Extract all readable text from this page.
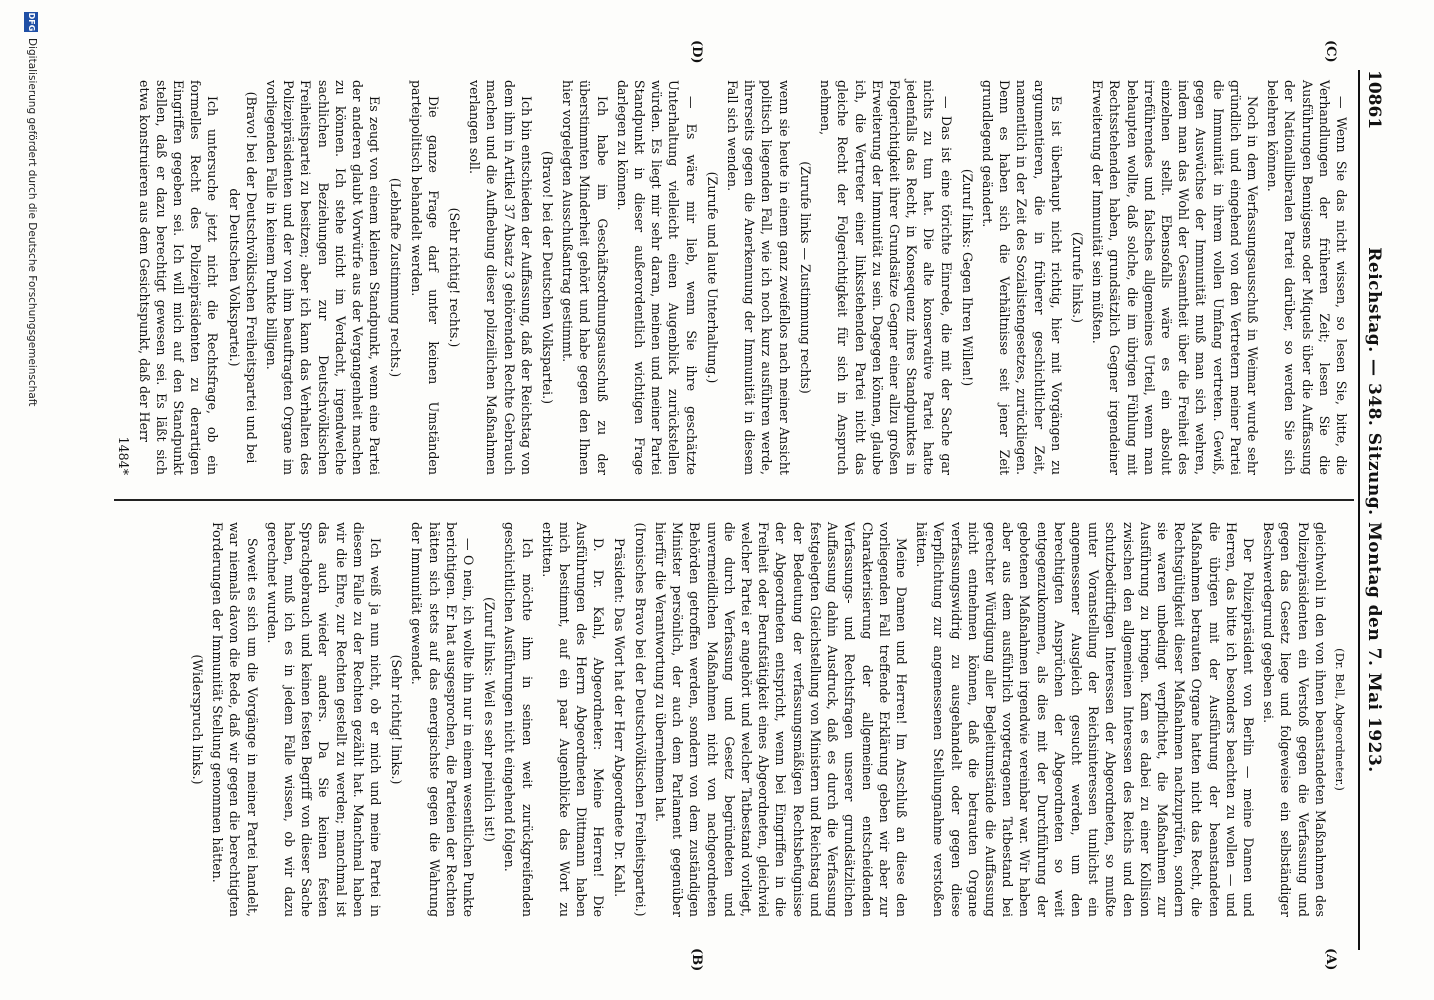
10861
Reichstag. — 348. Sitzung. Montag den 7. Mai 1923.
(C)
(D)
(A)
(B)

— Wenn Sie das nicht wissen, so lesen Sie, bitte, die Verhandlungen der früheren Zeit; lesen Sie die Ausführungen Bennigsens oder Miquels über die Auffassung der Nationalliberalen Partei darüber, so werden Sie sich belehren können.

Noch in dem Verfassungsausschuß in Weimar wurde sehr gründlich und eingehend von den Vertretern meiner Partei die Immunität in ihrem vollen Umfang vertreten. Gewiß, gegen Auswüchse der Immunität muß man sich wehren, indem man das Wohl der Gesamtheit über die Freiheit des einzelnen stellt. Ebensofalls wäre es ein absolut irreführendes und falsches allgemeines Urteil, wenn man behaupten wollte, daß solche, die im übrigen Fühlung mit Rechtsstehenden haben, grundsätzlich Gegner irgendeiner Erweiterung der Immunität sein müßten.

(Zurufe links.)

Es ist überhaupt nicht richtig, hier mit Vorgängen zu argumentieren, die in früherer geschichtlicher Zeit, namentlich in der Zeit des Sozialistengesetzes, zurückliegen. Denn es haben sich die Verhältnisse seit jener Zeit grundlegend geändert.

(Zuruf links: Gegen Ihren Willen!)

— Das ist eine törichte Einrede, die mit der Sache gar nichts zu tun hat. Die alte konservative Partei hatte jedenfalls das Recht, in Konsequenz ihres Standpunktes in Folgerichtigkeit ihrer Grundsätze Gegner einer allzu großen Erweiterung der Immunität zu sein. Dagegen können, glaube ich, die Vertreter einer linksstehenden Partei nicht das gleiche Recht der Folgerichtigkeit für sich in Anspruch nehmen,

(Zurufe links — Zustimmung rechts)

wenn sie heute in einem ganz zweifellos nach meiner Ansicht politisch liegenden Fall, wie ich noch kurz ausführen werde, ihrerseits gegen die Anerkennung der Immunität in diesem Fall sich wenden.

(Zurufe und laute Unterhaltung.)

— Es wäre mir lieb, wenn Sie ihre geschätzte Unterhaltung vielleicht einen Augenblick zurückstellen würden. Es liegt mir sehr daran, meinen und meiner Partei Standpunkt in dieser außerordentlich wichtigen Frage darlegen zu können.

Ich habe im Geschäftsordnungsausschuß zu der überstimmten Minderheit gehört und habe gegen den Ihnen hier vorgelegten Ausschußantrag gestimmt.

(Bravo! bei der Deutschen Volkspartei.)

Ich bin entschieden der Auffassung, daß der Reichstag von dem ihm in Artikel 37 Absatz 3 gehörenden Rechte Gebrauch machen und die Aufhebung dieser polizeilichen Maßnahmen verlangen soll.

(Sehr richtig! rechts.)

Die ganze Frage darf unter keinen Umständen parteipolitisch behandelt werden.

(Lebhafte Zustimmung rechts.)

Es zeugt von einem kleinen Standpunkt, wenn eine Partei der anderen glaubt Vorwürfe aus der Vergangenheit machen zu können. Ich stehe nicht im Verdacht, irgendwelche sachlichen Beziehungen zur Deutschvölkischen Freiheitspartei zu besitzen; aber ich kann das Verhalten des Polizeipräsidenten und der von ihm beauftragten Organe im vorliegenden Falle in keinem Punkte billigen.

(Bravo! bei der Deutschvölkischen Freiheitspartei und bei der Deutschen Volkspartei.)

Ich untersuche jetzt nicht die Rechtsfrage, ob ein formelles Recht des Polizeipräsidenten zu derartigen Eingriffen gegeben sei. Ich will mich auf den Standpunkt stellen, daß er dazu berechtigt gewesen sei. Es läßt sich etwa konstruieren aus dem Gesichtspunkt, daß der Herr

1484*

(Dr. Bell, Abgeordneter.)

gleichwohl in den von ihnen beanstandeten Maßnahmen des Polizeipräsidenten ein Verstoß gegen die Verfassung und gegen das Gesetz liege und folgeweise ein selbständiger Beschwerdegrund gegeben sei.

Der Polizeipräsident von Berlin — meine Damen und Herren, das bitte ich besonders beachten zu wollen — und die übrigen mit der Ausführung der beanstandeten Maßnahmen betrauten Organe hatten nicht das Recht, die Rechtsgültigkeit dieser Maßnahmen nachzuprüfen, sondern sie waren unbedingt verpflichtet, die Maßnahmen zur Ausführung zu bringen. Kam es dabei zu einer Kollision zwischen den allgemeinen Interessen des Reichs und den schutzbedürftigen Interessen der Abgeordneten, so mußte unter Voranstellung der Reichsinteressen tunlichst ein angemessener Ausgleich gesucht werden, um den berechtigten Ansprüchen der Abgeordneten so weit entgegenzukommen, als dies mit der Durchführung der gebotenen Maßnahmen irgendwie vereinbar war. Wir haben aber aus dem ausführlich vorgetragenen Tatbestand bei gerechter Würdigung aller Begleitumstände die Auffassung nicht entnehmen können, daß die betrauten Organe verfassungswidrig zu ausgehandelt oder gegen diese Verpflichtung zur angemessenen Stellungnahme verstoßen hätten.

Meine Damen und Herren! Im Anschluß an diese den vorliegenden Fall treffende Erklärung geben wir aber zur Charakterisierung der allgemeinen entscheidenden Verfassungs- und Rechtsfragen unserer grundsätzlichen Auffassung dahin Ausdruck, daß es durch die Verfassung festgelegten Gleichstellung von Ministern und Reichstag und der Bedeutung der verfassungsmäßigen Rechtsbefugnisse der Abgeordneten entspricht, wenn bei Eingriffen in die Freiheit oder Berufstätigkeit eines Abgeordneten, gleichviel welcher Partei er angehört und welcher Tatbestand vorliegt, die durch Verfassung und Gesetz begründeten und unvermeidlichen Maßnahmen nicht von nachgeordneten Behörden getroffen werden, sondern von dem zuständigen Minister persönlich, der auch dem Parlament gegenüber hierfür die Verantwortung zu übernehmen hat.

(Ironisches Bravo bei der Deutschvölkischen Freiheitspartei.)

Präsident: Das Wort hat der Herr Abgeordnete Dr. Kahl.

D. Dr. Kahl, Abgeordneter: Meine Herren! Die Ausführungen des Herrn Abgeordneten Dittmann haben mich bestimmt, auf ein paar Augenblicke das Wort zu erbitten.

Ich möchte ihm in seinen weit zurückgreifenden geschichtlichen Ausführungen nicht eingehend folgen.

(Zuruf links: Weil es sehr peinlich ist!)

— O nein, ich wollte ihn nur in einem wesentlichen Punkte berichtigen. Er hat ausgesprochen, die Parteien der Rechten hätten sich stets auf das energischste gegen die Wahrung der Immunität gewendet.

(Sehr richtig! links.)

Ich weiß ja nun nicht, ob er mich und meine Partei in diesem Falle zu der Rechten gezählt hat. Manchmal haben wir die Ehre, zur Rechten gestellt zu werden; manchmal ist das auch wieder anders. Da Sie keinen festen Sprachgebrauch und keinen festen Begriff von dieser Sache haben, muß ich es in jedem Falle wissen, ob wir dazu gerechnet wurden.

Soweit es sich um die Vorgänge in meiner Partei handelt, war niemals davon die Rede, daß wir gegen die berechtigten Forderungen der Immunität Stellung genommen hätten.

(Widerspruch links.)

DFG
Digitalisierung gefördert durch die Deutsche Forschungsgemeinschaft
